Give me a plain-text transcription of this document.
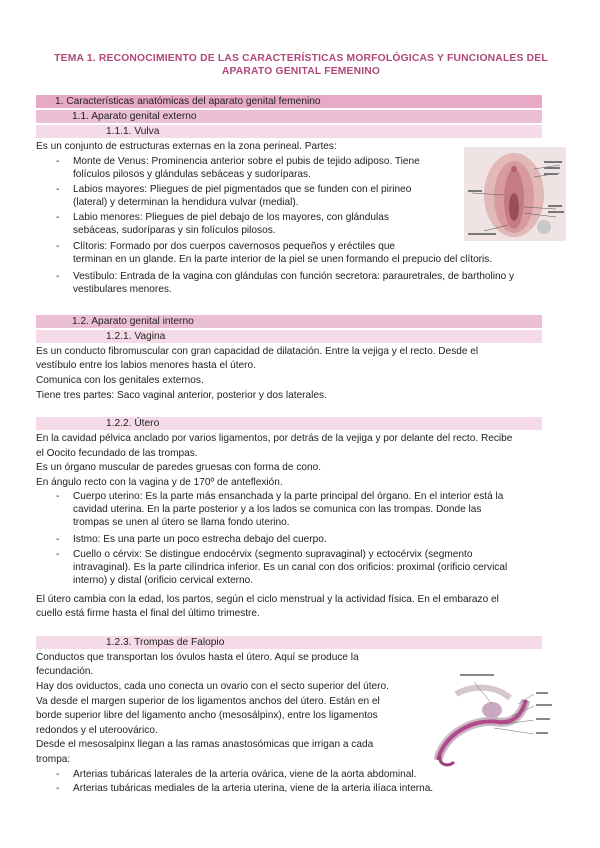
TEMA 1. RECONOCIMIENTO DE LAS CARACTERÍSTICAS MORFOLÓGICAS Y FUNCIONALES DEL
APARATO GENITAL FEMENINO
1. Características anatómicas del aparato genital femenino
1.1. Aparato genital externo
1.1.1. Vulva
Es un conjunto de estructuras externas en la zona perineal. Partes:
- Monte de Venus: Prominencia anterior sobre el pubis de tejido adiposo. Tiene
folículos pilosos y glándulas sebáceas y sudoríparas.
- Labios mayores: Pliegues de piel pigmentados que se funden con el pirineo
(lateral) y determinan la hendidura vulvar (medial).
- Labio menores: Pliegues de piel debajo de los mayores, con glándulas
sebáceas, sudoríparas y sin folículos pilosos.
- Clítoris: Formado por dos cuerpos cavernosos pequeños y eréctiles que
terminan en un glande. En la parte interior de la piel se unen formando el prepucio del clítoris.
- Vestíbulo: Entrada de la vagina con glándulas con función secretora: parauretrales, de bartholino y
vestibulares menores.
1.2. Aparato genital interno
1.2.1. Vagina
Es un conducto fibromuscular con gran capacidad de dilatación. Entre la vejiga y el recto. Desde el
vestíbulo entre los labios menores hasta el útero.
Comunica con los genitales externos.
Tiene tres partes: Saco vaginal anterior, posterior y dos laterales.
1.2.2. Útero
En la cavidad pélvica anclado por varios ligamentos, por detrás de la vejiga y por delante del recto. Recibe
el Oocito fecundado de las trompas.
Es un órgano muscular de paredes gruesas con forma de cono.
En ángulo recto con la vagina y de 170º de anteflexión.
- Cuerpo uterino: Es la parte más ensanchada y la parte principal del órgano. En el interior está la
cavidad uterina. En la parte posterior y a los lados se comunica con las trompas. Donde las
trompas se unen al útero se llama fondo uterino.
- Istmo: Es una parte un poco estrecha debajo del cuerpo.
- Cuello o cérvix: Se distingue endocérvix (segmento supravaginal) y ectocérvix (segmento
intravaginal). Es la parte cilíndrica inferior. Es un canal con dos orificios: proximal (orificio cervical
interno) y distal (orificio cervical externo.
El útero cambia con la edad, los partos, según el ciclo menstrual y la actividad física. En el embarazo el
cuello está firme hasta el final del último trimestre.
1.2.3. Trompas de Falopio
Conductos que transportan los óvulos hasta el útero. Aquí se produce la
fecundación.
Hay dos oviductos, cada uno conecta un ovario con el secto superior del útero.
Va desde el margen superior de los ligamentos anchos del útero. Están en el
borde superior libre del ligamento ancho (mesosálpinx), entre los ligamentos
redondos y el uteroovárico.
Desde el mesosalpinx llegan a las ramas anastosómicas que irrigan a cada
trompa:
- Arterias tubáricas laterales de la arteria ovárica, viene de la aorta abdominal.
- Arterias tubáricas mediales de la arteria uterina, viene de la arteria ilíaca interna.
